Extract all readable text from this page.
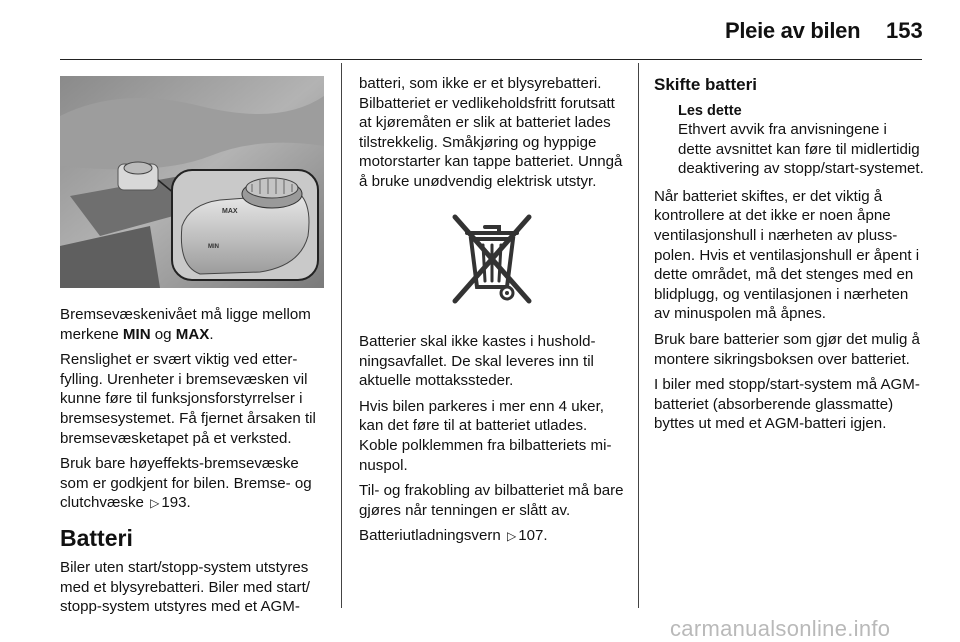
Pleie av bilen 153
MAX
MIN

Bremsevæskenivået må ligge mellom merkene MIN og MAX.

Renslighet er svært viktig ved etterfylling. Urenheter i bremsevæsken vil kunne føre til funksjonsforstyrrelser i bremsesystemet. Få fjernet årsaken til bremsevæsketapet på et verksted.

Bruk bare høyeffekts-bremsevæske som er godkjent for bilen. Bremse- og clutchvæske ▷ 193.

Batteri

Biler uten start/stopp-system utstyres med et blysyrebatteri. Biler med start/ stopp-system utstyres med et AGM-

batteri, som ikke er et blysyrebatteri. Bilbatteriet er vedlikeholdsfritt forutsatt at kjøremåten er slik at batteriet lades tilstrekkelig. Småkjøring og hyppige motorstarter kan tappe batteriet. Unngå å bruke unødvendig elektrisk utstyr.

Batterier skal ikke kastes i husholdningsavfallet. De skal leveres inn til aktuelle mottakssteder.

Hvis bilen parkeres i mer enn 4 uker, kan det føre til at batteriet utlades. Koble polklemmen fra bilbatteriets minuspol.

Til- og frakobling av bilbatteriet må bare gjøres når tenningen er slått av.

Batteriutladningsvern ▷ 107.

Skifte batteri
Les dette
Ethvert avvik fra anvisningene i dette avsnittet kan føre til midlertidig deaktivering av stopp/start-systemet.

Når batteriet skiftes, er det viktig å kontrollere at det ikke er noen åpne ventilasjonshull i nærheten av plusspolen. Hvis et ventilasjonshull er åpent i dette området, må det stenges med en blidplugg, og ventilasjonen i nærheten av minuspolen må åpnes.

Bruk bare batterier som gjør det mulig å montere sikringsboksen over batteriet.

I biler med stopp/start-system må AGM-batteriet (absorberende glassmatte) byttes ut med et AGM-batteri igjen.

carmanualsonline.info
